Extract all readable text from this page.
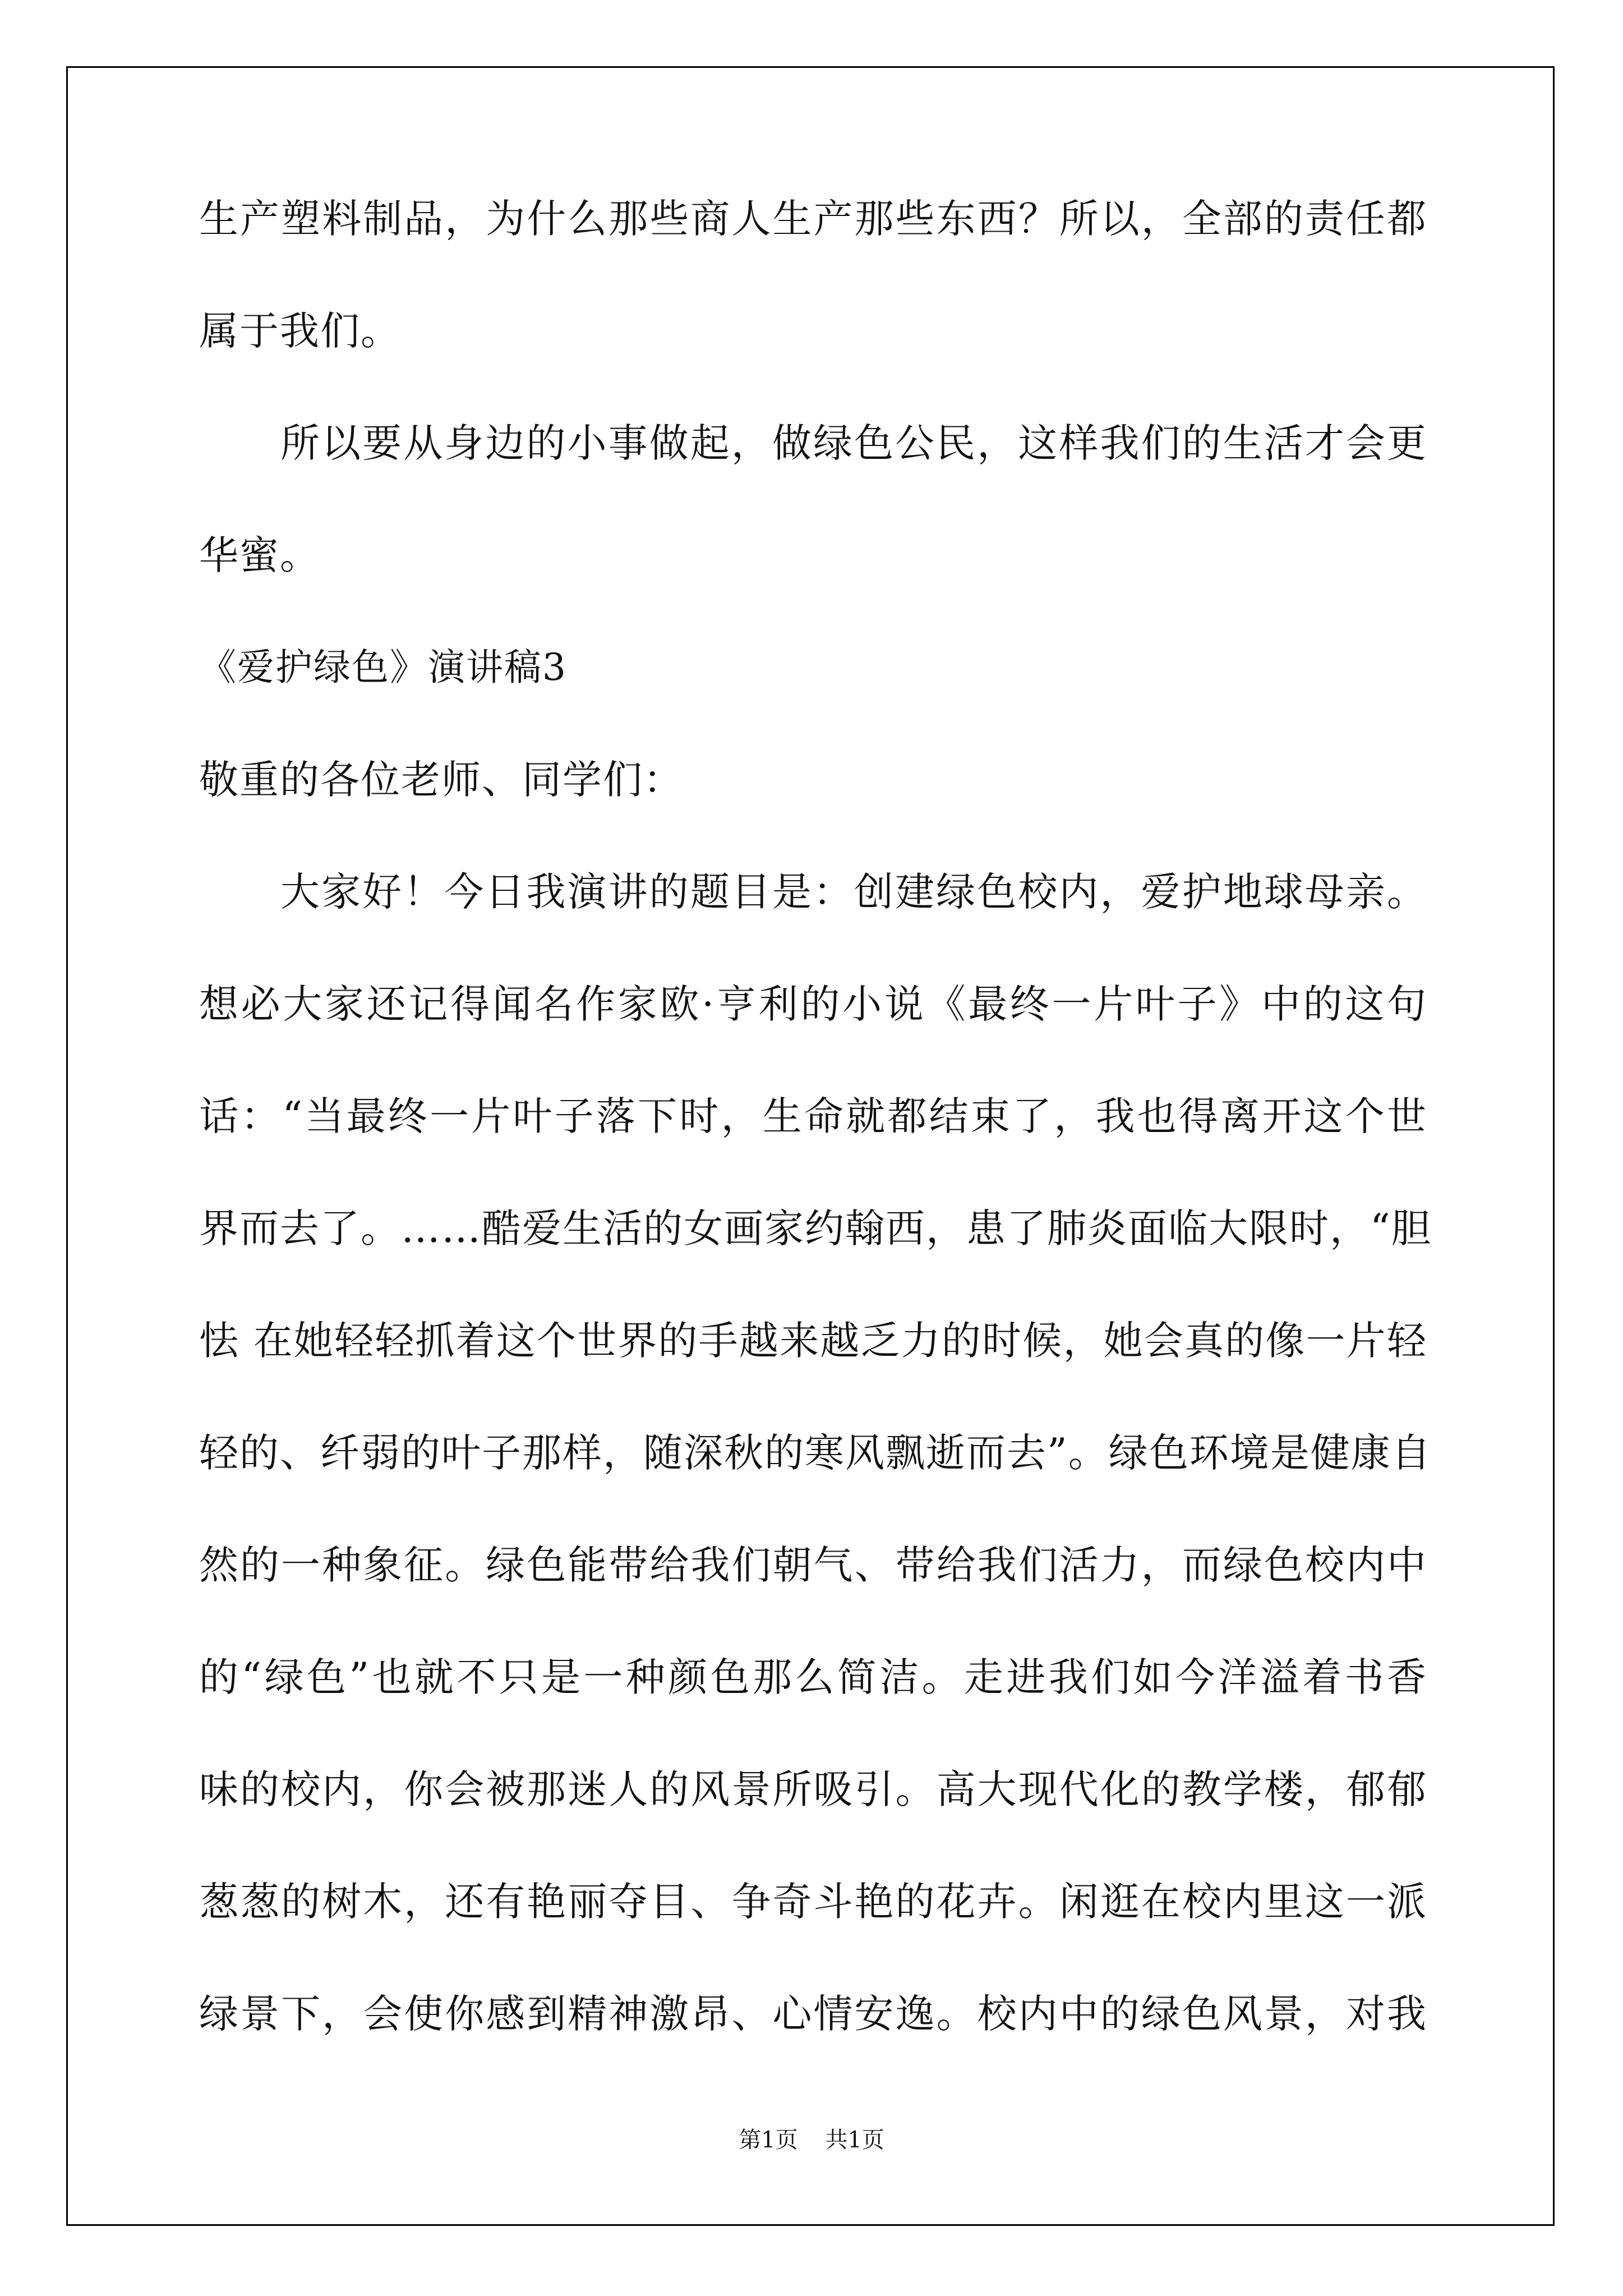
生产塑料制品，为什么那些商人生产那些东西？所以，全部的责任都
属于我们。
所以要从身边的小事做起，做绿色公民，这样我们的生活才会更
华蜜。
《爱护绿色》演讲稿3
敬重的各位老师、同学们：
大家好！今日我演讲的题目是：创建绿色校内，爱护地球母亲。
想必大家还记得闻名作家欧·亨利的小说《最终一片叶子》中的这句
话：“当最终一片叶子落下时，生命就都结束了，我也得离开这个世
界而去了。……酷爱生活的女画家约翰西，患了肺炎面临大限时，“胆
怯 在她轻轻抓着这个世界的手越来越乏力的时候，她会真的像一片轻
轻的、纤弱的叶子那样，随深秋的寒风飘逝而去”。绿色环境是健康自
然的一种象征。绿色能带给我们朝气、带给我们活力，而绿色校内中
的“绿色”也就不只是一种颜色那么简洁。走进我们如今洋溢着书香
味的校内，你会被那迷人的风景所吸引。高大现代化的教学楼，郁郁
葱葱的树木，还有艳丽夺目、争奇斗艳的花卉。闲逛在校内里这一派
绿景下，会使你感到精神激昂、心情安逸。校内中的绿色风景，对我
第1页 共1页
